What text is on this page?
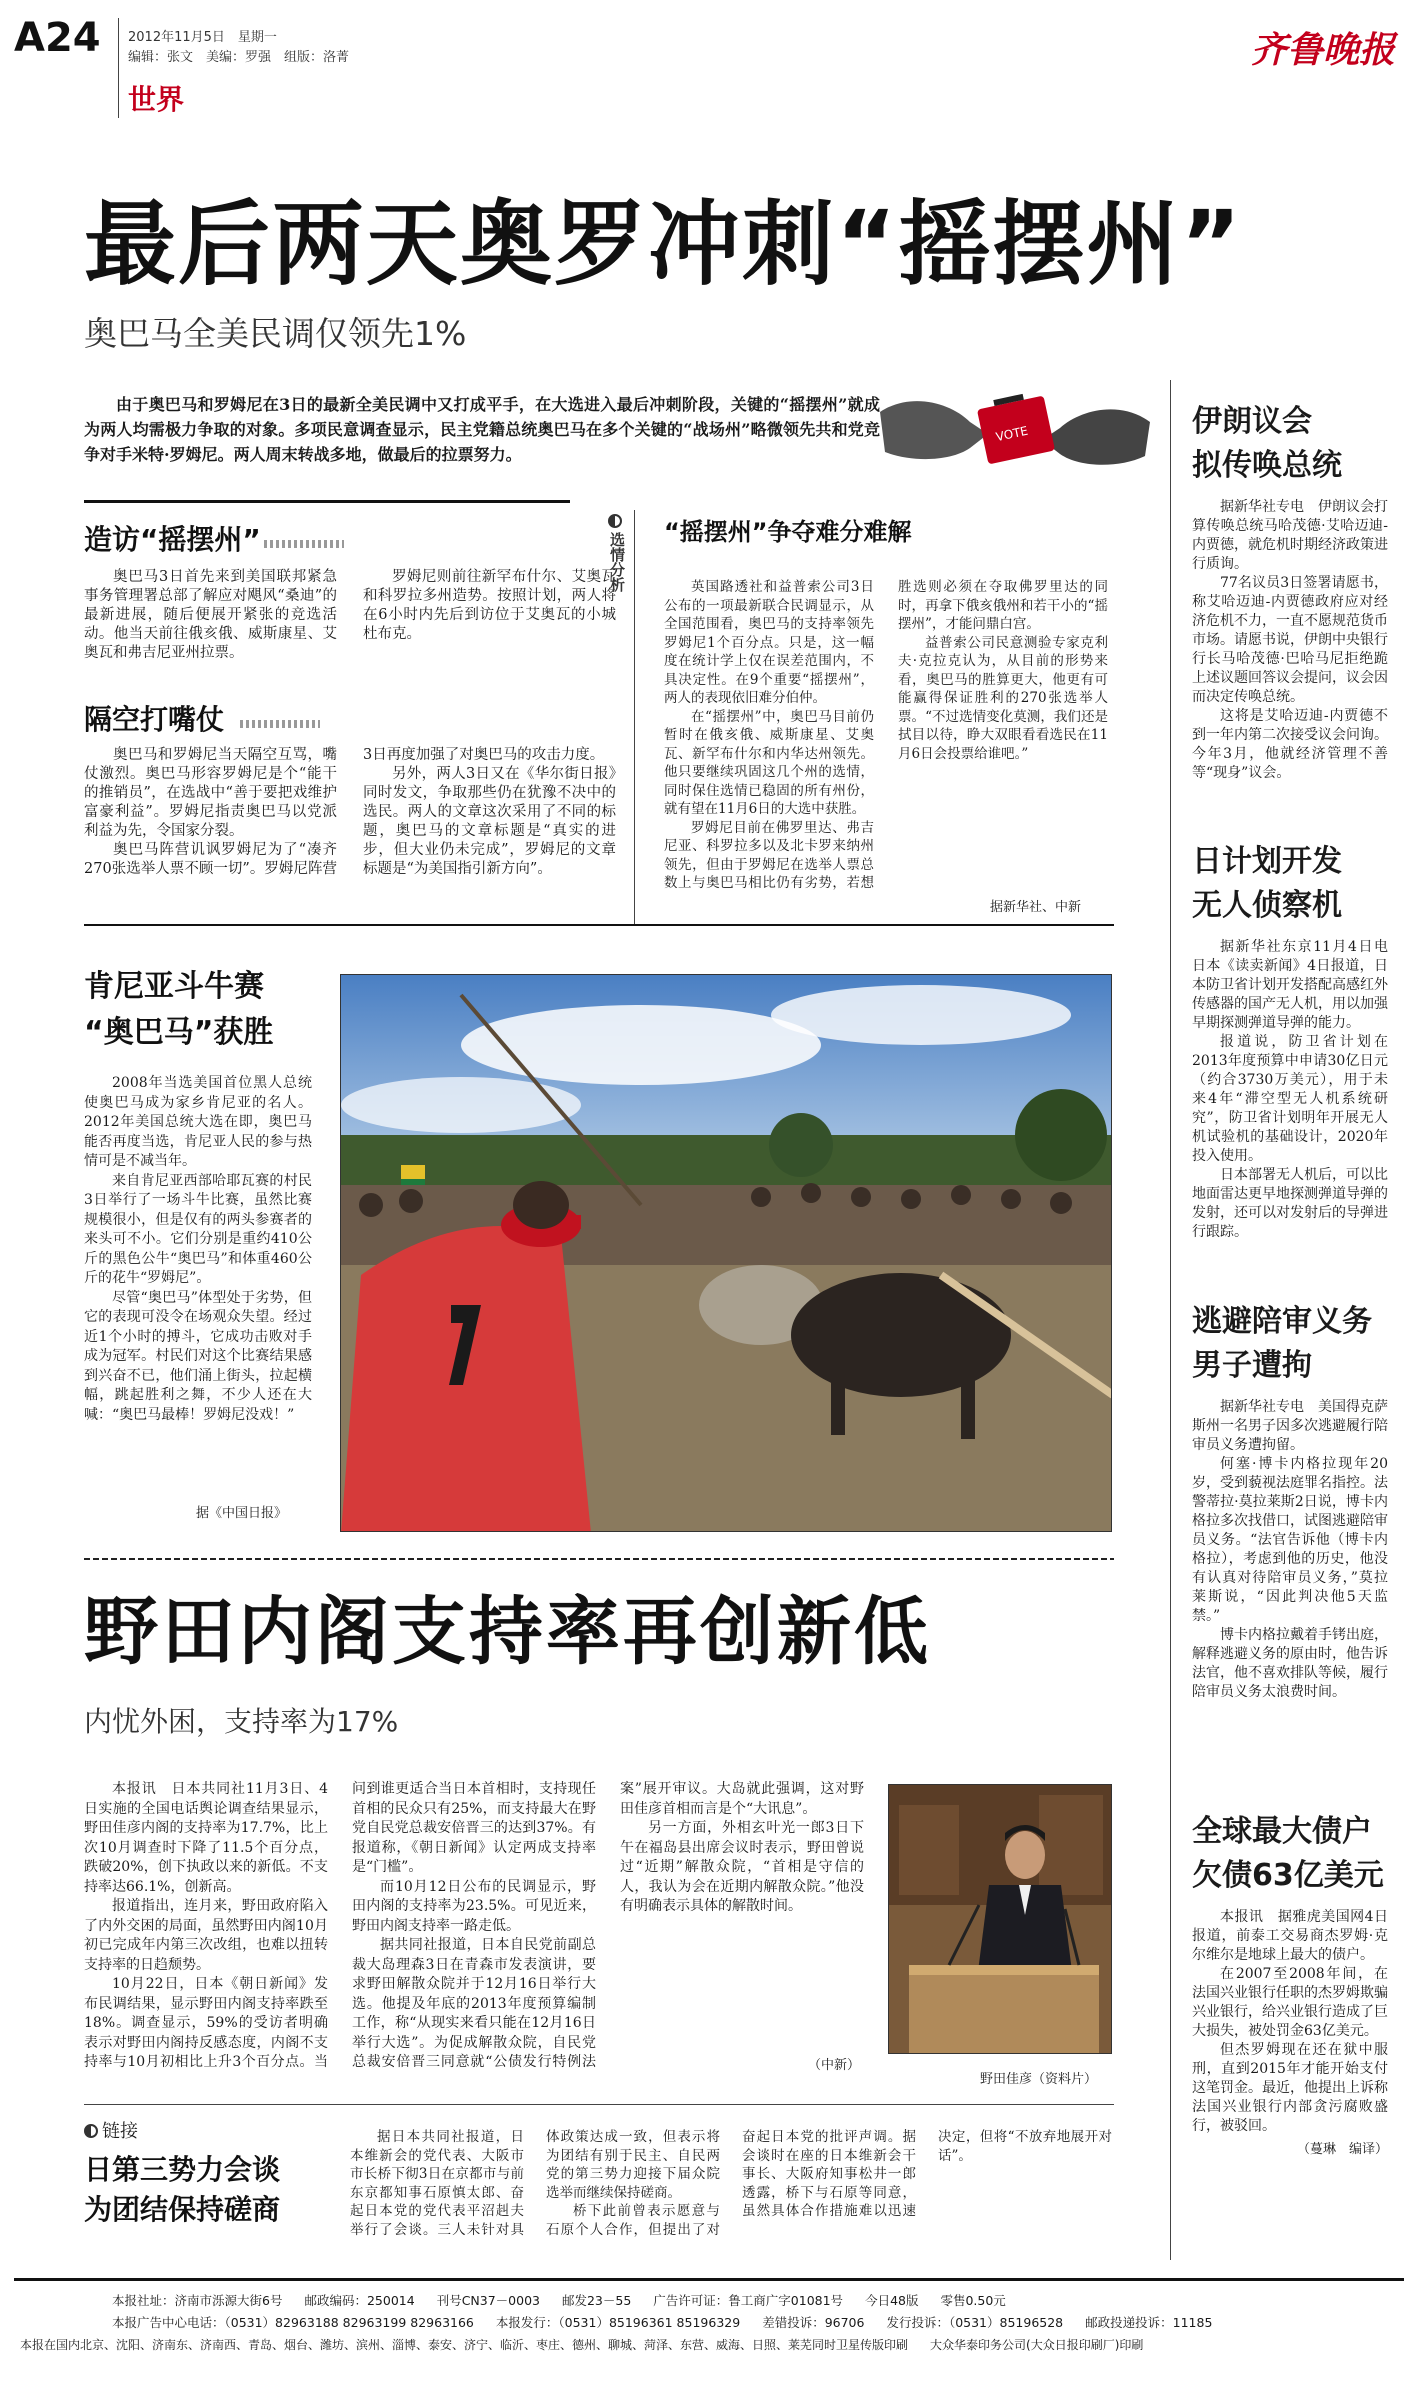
A24 2012年11月5日　星期一
编辑：张文　美编：罗强　组版：洛菁
世界
齐鲁晚报
最后两天奥罗冲刺“摇摆州”
奥巴马全美民调仅领先1%
由于奥巴马和罗姆尼在3日的最新全美民调中又打成平手，在大选进入最后冲刺阶段，关键的“摇摆州”就成为两人均需极力争取的对象。多项民意调查显示，民主党籍总统奥巴马在多个关键的“战场州”略微领先共和党竞争对手米特·罗姆尼。两人周末转战多地，做最后的拉票努力。
VOTE
造访“摇摆州”

奥巴马3日首先来到美国联邦紧急事务管理署总部了解应对飓风“桑迪”的最新进展，随后便展开紧张的竞选活动。他当天前往俄亥俄、威斯康星、艾奥瓦和弗吉尼亚州拉票。

罗姆尼则前往新罕布什尔、艾奥瓦和科罗拉多州造势。按照计划，两人将在6小时内先后到访位于艾奥瓦的小城杜布克。

隔空打嘴仗

奥巴马和罗姆尼当天隔空互骂，嘴仗激烈。奥巴马形容罗姆尼是个“能干的推销员”，在选战中“善于要把戏维护富豪利益”。罗姆尼指责奥巴马以党派利益为先，令国家分裂。

奥巴马阵营讥讽罗姆尼为了“凑齐270张选举人票不顾一切”。罗姆尼阵营3日再度加强了对奥巴马的攻击力度。

另外，两人3日又在《华尔街日报》同时发文，争取那些仍在犹豫不决中的选民。两人的文章这次采用了不同的标题，奥巴马的文章标题是“真实的进步，但大业仍未完成”，罗姆尼的文章标题是“为美国指引新方向”。

选情分析 “摇摆州”争夺难分难解

英国路透社和益普索公司3日公布的一项最新联合民调显示，从全国范围看，奥巴马的支持率领先罗姆尼1个百分点。只是，这一幅度在统计学上仅在误差范围内，不具决定性。在9个重要“摇摆州”，两人的表现依旧难分伯仲。

在“摇摆州”中，奥巴马目前仍暂时在俄亥俄、威斯康星、艾奥瓦、新罕布什尔和内华达州领先。他只要继续巩固这几个州的选情，同时保住选情已稳固的所有州份，就有望在11月6日的大选中获胜。

罗姆尼目前在佛罗里达、弗吉尼亚、科罗拉多以及北卡罗来纳州领先，但由于罗姆尼在选举人票总数上与奥巴马相比仍有劣势，若想胜选则必须在夺取佛罗里达的同时，再拿下俄亥俄州和若干小的“摇摆州”，才能问鼎白宫。

益普索公司民意测验专家克利夫·克拉克认为，从目前的形势来看，奥巴马的胜算更大，他更有可能赢得保证胜利的270张选举人票。“不过选情变化莫测，我们还是拭目以待，睁大双眼看看选民在11月6日会投票给谁吧。”

据新华社、中新
肯尼亚斗牛赛
“奥巴马”获胜

2008年当选美国首位黑人总统使奥巴马成为家乡肯尼亚的名人。2012年美国总统大选在即，奥巴马能否再度当选，肯尼亚人民的参与热情可是不减当年。

来自肯尼亚西部哈耶瓦赛的村民3日举行了一场斗牛比赛，虽然比赛规模很小，但是仅有的两头参赛者的来头可不小。它们分别是重约410公斤的黑色公牛“奥巴马”和体重460公斤的花牛“罗姆尼”。

尽管“奥巴马”体型处于劣势，但它的表现可没令在场观众失望。经过近1个小时的搏斗，它成功击败对手成为冠军。村民们对这个比赛结果感到兴奋不已，他们涌上街头，拉起横幅，跳起胜利之舞，不少人还在大喊：“奥巴马最棒！罗姆尼没戏！”

据《中国日报》
野田内阁支持率再创新低
内忧外困，支持率为17%

本报讯　日本共同社11月3日、4日实施的全国电话舆论调查结果显示，野田佳彦内阁的支持率为17.7%，比上次10月调查时下降了11.5个百分点，跌破20%，创下执政以来的新低。不支持率达66.1%，创新高。

报道指出，连月来，野田政府陷入了内外交困的局面，虽然野田内阁10月初已完成年内第三次改组，也难以扭转支持率的日趋颓势。

10月22日，日本《朝日新闻》发布民调结果，显示野田内阁支持率跌至18%。调查显示，59%的受访者明确表示对野田内阁持反感态度，内阁不支持率与10月初相比上升3个百分点。当问到谁更适合当日本首相时，支持现任首相的民众只有25%，而支持最大在野党自民党总裁安倍晋三的达到37%。有报道称，《朝日新闻》认定两成支持率是“门槛”。

而10月12日公布的民调显示，野田内阁的支持率为23.5%。可见近来，野田内阁支持率一路走低。

据共同社报道，日本自民党前副总裁大岛理森3日在青森市发表演讲，要求野田解散众院并于12月16日举行大选。他提及年底的2013年度预算编制工作，称“从现实来看只能在12月16日举行大选”。为促成解散众院，自民党总裁安倍晋三同意就“公债发行特例法案”展开审议。大岛就此强调，这对野田佳彦首相而言是个“大讯息”。

另一方面，外相玄叶光一郎3日下午在福岛县出席会议时表示，野田曾说过“近期”解散众院，“首相是守信的人，我认为会在近期内解散众院。”他没有明确表示具体的解散时间。

（中新）
野田佳彦（资料片）
链接
日第三势力会谈
为团结保持磋商

据日本共同社报道，日本维新会的党代表、大阪市市长桥下彻3日在京都市与前东京都知事石原慎太郎、奋起日本党的党代表平沼赳夫举行了会谈。三人未针对具体政策达成一致，但表示将为团结有别于民主、自民两党的第三势力迎接下届众院选举而继续保持磋商。

桥下此前曾表示愿意与石原个人合作，但提出了对奋起日本党的批评声调。据会谈时在座的日本维新会干事长、大阪府知事松井一郎透露，桥下与石原等同意，虽然具体合作措施难以迅速决定，但将“不放弃地展开对话”。

伊朗议会
拟传唤总统

据新华社专电　伊朗议会打算传唤总统马哈茂德·艾哈迈迪-内贾德，就危机时期经济政策进行质询。

77名议员3日签署请愿书，称艾哈迈迪-内贾德政府应对经济危机不力，一直不愿规范货币市场。请愿书说，伊朗中央银行行长马哈茂德·巴哈马尼拒绝跪上述议题回答议会提问，议会因而决定传唤总统。

这将是艾哈迈迪-内贾德不到一年内第二次接受议会问询。今年3月，他就经济管理不善等“现身”议会。

日计划开发
无人侦察机

据新华社东京11月4日电　日本《读卖新闻》4日报道，日本防卫省计划开发搭配高感红外传感器的国产无人机，用以加强早期探测弹道导弹的能力。

报道说，防卫省计划在2013年度预算中申请30亿日元（约合3730万美元），用于未来4年“滞空型无人机系统研究”，防卫省计划明年开展无人机试验机的基础设计，2020年投入使用。

日本部署无人机后，可以比地面雷达更早地探测弹道导弹的发射，还可以对发射后的导弹进行跟踪。

逃避陪审义务
男子遭拘

据新华社专电　美国得克萨斯州一名男子因多次逃避履行陪审员义务遭拘留。

何塞·博卡内格拉现年20岁，受到藐视法庭罪名指控。法警蒂拉·莫拉莱斯2日说，博卡内格拉多次找借口，试图逃避陪审员义务。“法官告诉他（博卡内格拉），考虑到他的历史，他没有认真对待陪审员义务，”莫拉莱斯说，“因此判决他5天监禁。”

博卡内格拉戴着手铐出庭，解释逃避义务的原由时，他告诉法官，他不喜欢排队等候，履行陪审员义务太浪费时间。

全球最大债户
欠债63亿美元

本报讯　据雅虎美国网4日报道，前泰工交易商杰罗姆·克尔维尔是地球上最大的债户。

在2007至2008年间，在法国兴业银行任职的杰罗姆欺骗兴业银行，给兴业银行造成了巨大损失，被处罚金63亿美元。

但杰罗姆现在还在狱中服刑，直到2015年才能开始支付这笔罚金。最近，他提出上诉称法国兴业银行内部贪污腐败盛行，被驳回。

（蔓琳　编译）
本报社址：济南市泺源大街6号 邮政编码：250014 刊号CN37－0003 邮发23－55 广告许可证：鲁工商广字01081号 今日48版 零售0.50元
本报广告中心电话：（0531）82963188 82963199 82963166 本报发行：（0531）85196361 85196329 差错投诉：96706 发行投诉：（0531）85196528 邮政投递投诉：11185
本报在国内北京、沈阳、济南东、济南西、青岛、烟台、潍坊、滨州、淄博、泰安、济宁、临沂、枣庄、德州、聊城、菏泽、东营、威海、日照、莱芜同时卫星传版印刷 大众华泰印务公司(大众日报印刷厂)印刷
